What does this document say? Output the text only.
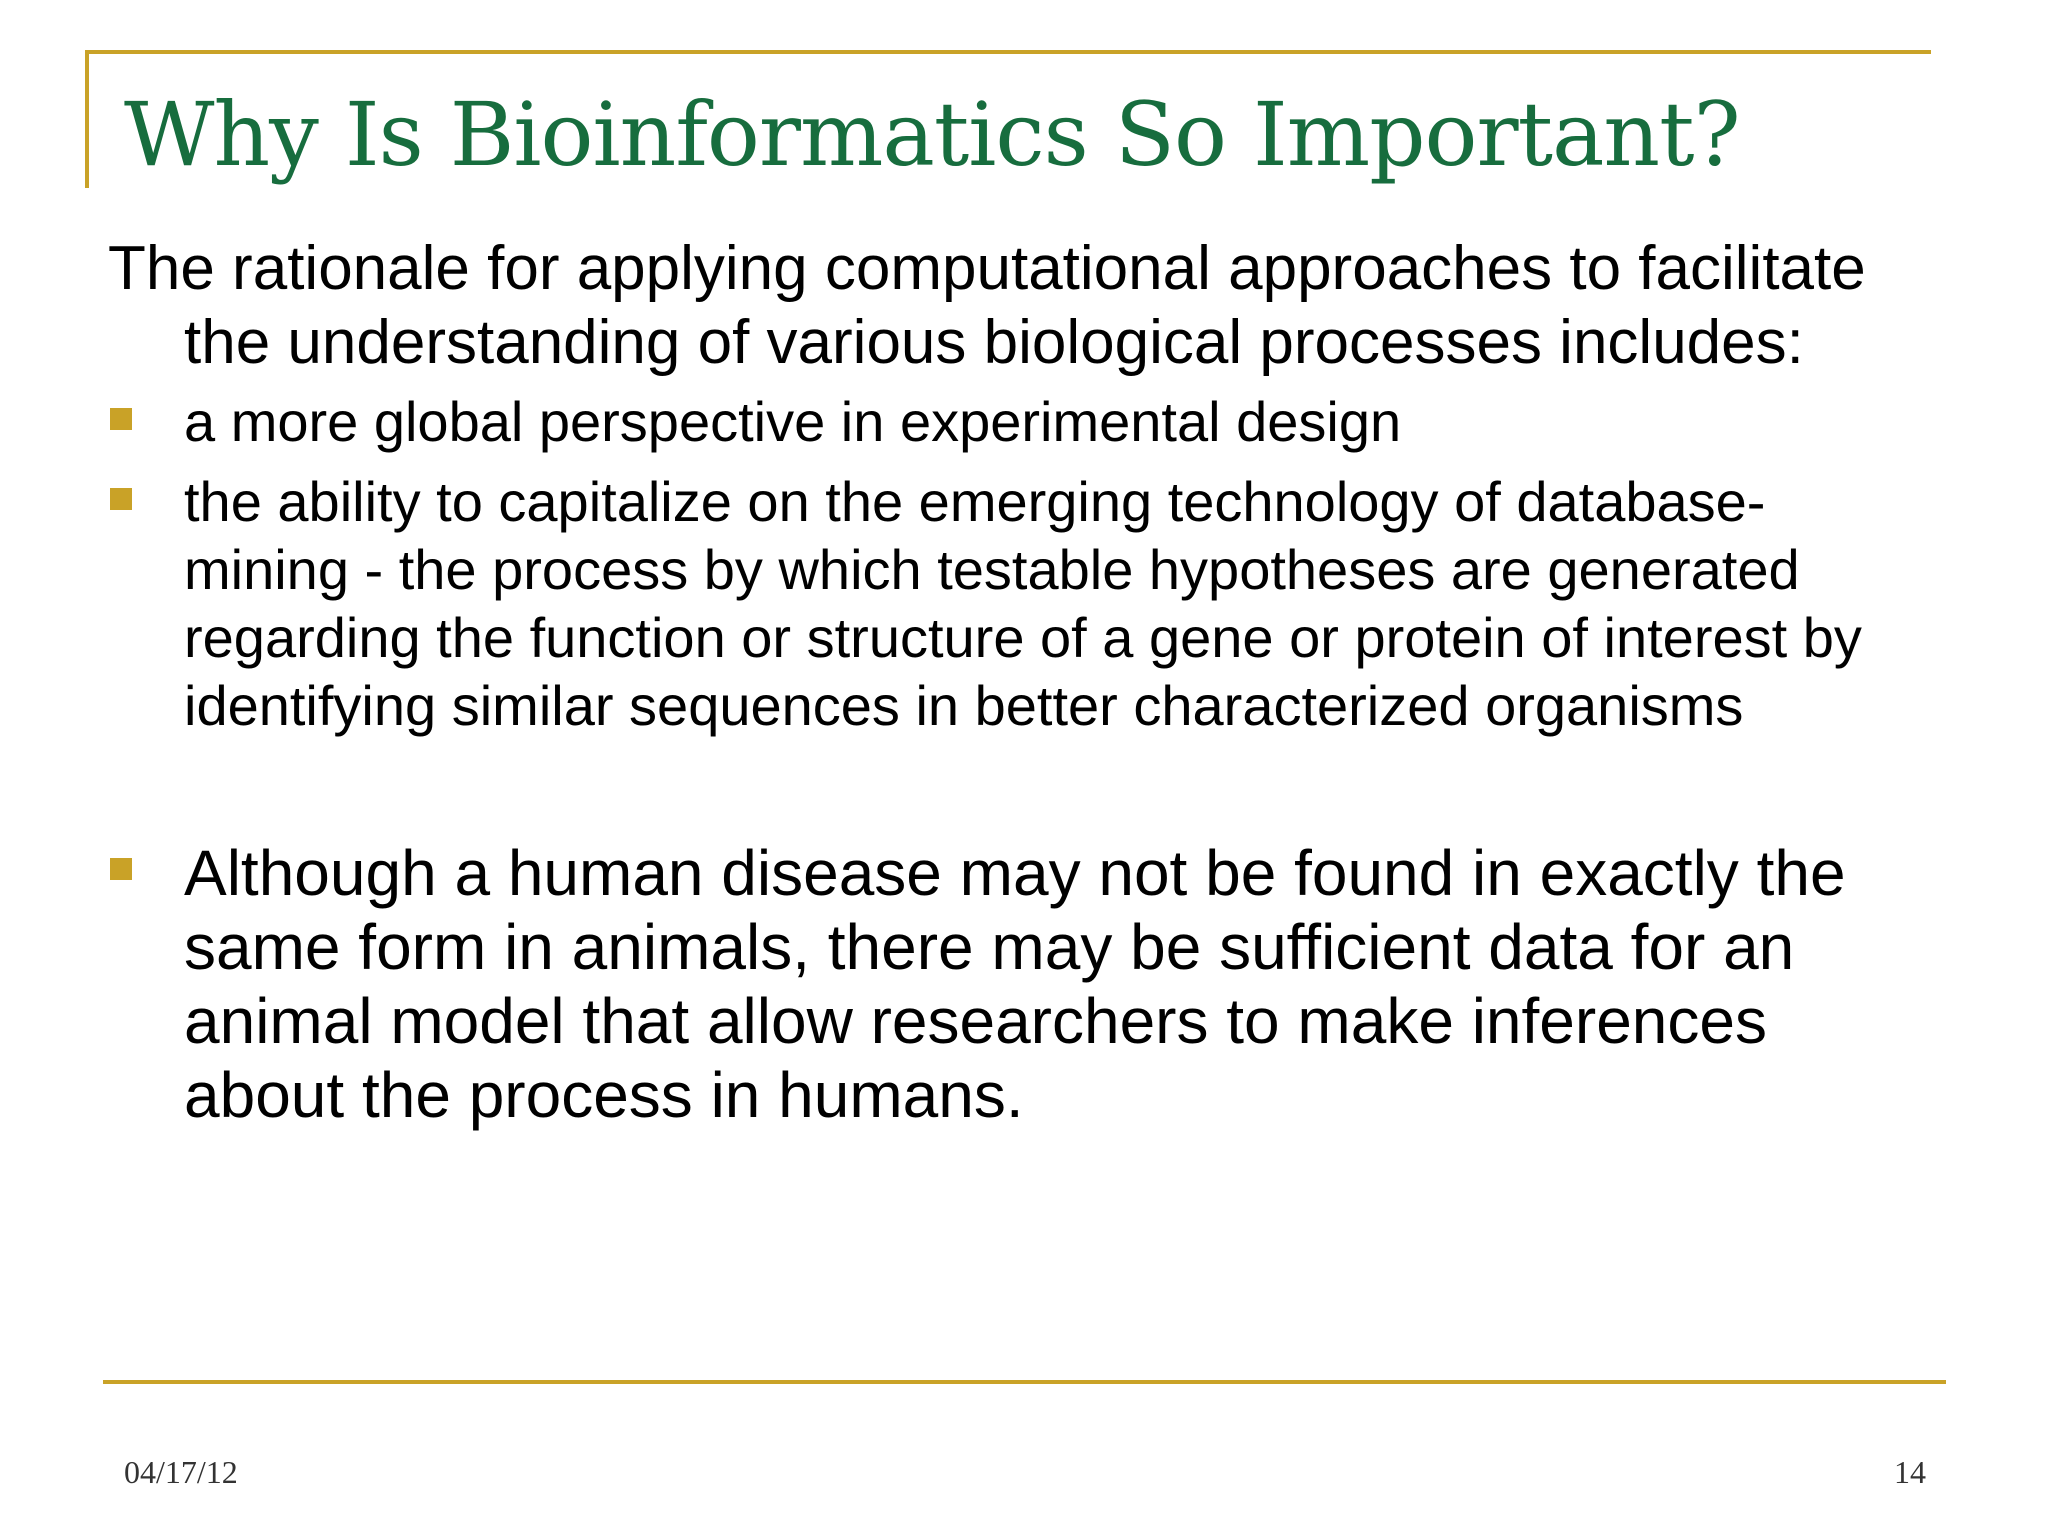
Why Is Bioinformatics So Important?

The rationale for applying computational approaches to facilitate the understanding of various biological processes includes:

a more global perspective in experimental design
the ability to capitalize on the emerging technology of database-mining - the process by which testable hypotheses are generated regarding the function or structure of a gene or protein of interest by identifying similar sequences in better characterized organisms
Although a human disease may not be found in exactly the same form in animals, there may be sufficient data for an animal model that allow researchers to make inferences about the process in humans.
04/17/12	14
